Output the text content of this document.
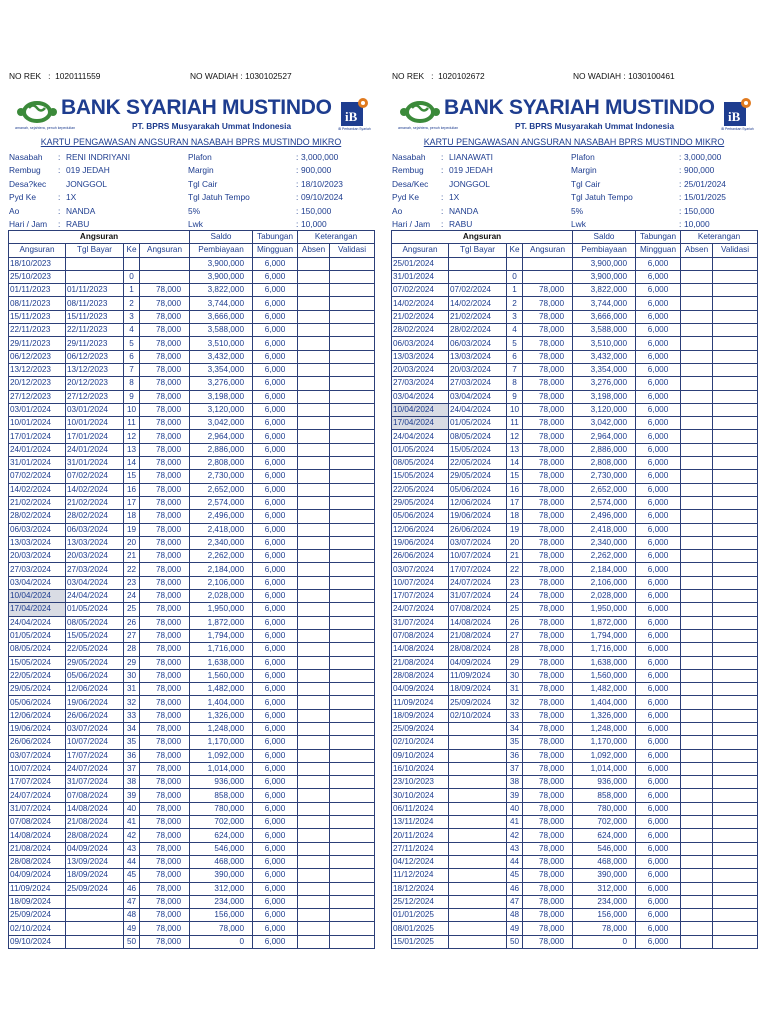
NO REK   :  1020111559	NO WADIAH : 1030102527
amanah, sejahtera, penuh kepedulian
BANK SYARIAH MUSTINDO
PT. BPRS Musyarakah Ummat Indonesia
iB
iB Perbankan Syariah
KARTU PENGAWASAN ANGSURAN NASABAH BPRS MUSTINDO MIKRO
Nasabah : RENI INDRIYANI	Plafon	: 3,000,000
Rembug : 019 JEDAH	Margin	: 900,000
Desa?kec JONGGOL	Tgl Cair	: 18/10/2023
Pyd Ke	: 1X	Tgl Jatuh Tempo	: 09/10/2024
Ao	: NANDA	5%	: 150,000
Hari / Jam : RABU	Lwk	: 10,000
Angsuran				Saldo	Tabungan	Keterangan	
Angsuran	Tgl Bayar	Ke	Angsuran	Pembiayaan	Mingguan	Absen	Validasi
18/10/2023				3,900,000	6,000		
25/10/2023		0		3,900,000	6,000		
01/11/2023	01/11/2023	1	78,000	3,822,000	6,000		
08/11/2023	08/11/2023	2	78,000	3,744,000	6,000		
15/11/2023	15/11/2023	3	78,000	3,666,000	6,000		
22/11/2023	22/11/2023	4	78,000	3,588,000	6,000		
29/11/2023	29/11/2023	5	78,000	3,510,000	6,000		
06/12/2023	06/12/2023	6	78,000	3,432,000	6,000		
13/12/2023	13/12/2023	7	78,000	3,354,000	6,000		
20/12/2023	20/12/2023	8	78,000	3,276,000	6,000		
27/12/2023	27/12/2023	9	78,000	3,198,000	6,000		
03/01/2024	03/01/2024	10	78,000	3,120,000	6,000		
10/01/2024	10/01/2024	11	78,000	3,042,000	6,000		
17/01/2024	17/01/2024	12	78,000	2,964,000	6,000		
24/01/2024	24/01/2024	13	78,000	2,886,000	6,000		
31/01/2024	31/01/2024	14	78,000	2,808,000	6,000		
07/02/2024	07/02/2024	15	78,000	2,730,000	6,000		
14/02/2024	14/02/2024	16	78,000	2,652,000	6,000		
21/02/2024	21/02/2024	17	78,000	2,574,000	6,000		
28/02/2024	28/02/2024	18	78,000	2,496,000	6,000		
06/03/2024	06/03/2024	19	78,000	2,418,000	6,000		
13/03/2024	13/03/2024	20	78,000	2,340,000	6,000		
20/03/2024	20/03/2024	21	78,000	2,262,000	6,000		
27/03/2024	27/03/2024	22	78,000	2,184,000	6,000		
03/04/2024	03/04/2024	23	78,000	2,106,000	6,000		
10/04/2024	24/04/2024	24	78,000	2,028,000	6,000		
17/04/2024	01/05/2024	25	78,000	1,950,000	6,000		
24/04/2024	08/05/2024	26	78,000	1,872,000	6,000		
01/05/2024	15/05/2024	27	78,000	1,794,000	6,000		
08/05/2024	22/05/2024	28	78,000	1,716,000	6,000		
15/05/2024	29/05/2024	29	78,000	1,638,000	6,000		
22/05/2024	05/06/2024	30	78,000	1,560,000	6,000		
29/05/2024	12/06/2024	31	78,000	1,482,000	6,000		
05/06/2024	19/06/2024	32	78,000	1,404,000	6,000		
12/06/2024	26/06/2024	33	78,000	1,326,000	6,000		
19/06/2024	03/07/2024	34	78,000	1,248,000	6,000		
26/06/2024	10/07/2024	35	78,000	1,170,000	6,000		
03/07/2024	17/07/2024	36	78,000	1,092,000	6,000		
10/07/2024	24/07/2024	37	78,000	1,014,000	6,000		
17/07/2024	31/07/2024	38	78,000	936,000	6,000		
24/07/2024	07/08/2024	39	78,000	858,000	6,000		
31/07/2024	14/08/2024	40	78,000	780,000	6,000		
07/08/2024	21/08/2024	41	78,000	702,000	6,000		
14/08/2024	28/08/2024	42	78,000	624,000	6,000		
21/08/2024	04/09/2024	43	78,000	546,000	6,000		
28/08/2024	13/09/2024	44	78,000	468,000	6,000		
04/09/2024	18/09/2024	45	78,000	390,000	6,000		
11/09/2024	25/09/2024	46	78,000	312,000	6,000		
18/09/2024		47	78,000	234,000	6,000		
25/09/2024		48	78,000	156,000	6,000		
02/10/2024		49	78,000	78,000	6,000		
09/10/2024		50	78,000	0	6,000		
NO REK   :  1020102672	NO WADIAH : 1030100461
amanah, sejahtera, penuh kepedulian
BANK SYARIAH MUSTINDO
PT. BPRS Musyarakah Ummat Indonesia
iB
iB Perbankan Syariah
KARTU PENGAWASAN ANGSURAN NASABAH BPRS MUSTINDO MIKRO
Nasabah : LIANAWATI	Plafon	: 3,000,000
Rembug : 019 JEDAH	Margin	: 900,000
Desa/Kec JONGGOL	Tgl Cair	: 25/01/2024
Pyd Ke	: 1X	Tgl Jatuh Tempo	: 15/01/2025
Ao	: NANDA	5%	: 150,000
Hari / Jam : RABU	Lwk	: 10,000
Angsuran				Saldo	Tabungan	Keterangan	
Angsuran	Tgl Bayar	Ke	Angsuran	Pembiayaan	Mingguan	Absen	Validasi
25/01/2024				3,900,000	6,000		
31/01/2024		0		3,900,000	6,000		
07/02/2024	07/02/2024	1	78,000	3,822,000	6,000		
14/02/2024	14/02/2024	2	78,000	3,744,000	6,000		
21/02/2024	21/02/2024	3	78,000	3,666,000	6,000		
28/02/2024	28/02/2024	4	78,000	3,588,000	6,000		
06/03/2024	06/03/2024	5	78,000	3,510,000	6,000		
13/03/2024	13/03/2024	6	78,000	3,432,000	6,000		
20/03/2024	20/03/2024	7	78,000	3,354,000	6,000		
27/03/2024	27/03/2024	8	78,000	3,276,000	6,000		
03/04/2024	03/04/2024	9	78,000	3,198,000	6,000		
10/04/2024	24/04/2024	10	78,000	3,120,000	6,000		
17/04/2024	01/05/2024	11	78,000	3,042,000	6,000		
24/04/2024	08/05/2024	12	78,000	2,964,000	6,000		
01/05/2024	15/05/2024	13	78,000	2,886,000	6,000		
08/05/2024	22/05/2024	14	78,000	2,808,000	6,000		
15/05/2024	29/05/2024	15	78,000	2,730,000	6,000		
22/05/2024	05/06/2024	16	78,000	2,652,000	6,000		
29/05/2024	12/06/2024	17	78,000	2,574,000	6,000		
05/06/2024	19/06/2024	18	78,000	2,496,000	6,000		
12/06/2024	26/06/2024	19	78,000	2,418,000	6,000		
19/06/2024	03/07/2024	20	78,000	2,340,000	6,000		
26/06/2024	10/07/2024	21	78,000	2,262,000	6,000		
03/07/2024	17/07/2024	22	78,000	2,184,000	6,000		
10/07/2024	24/07/2024	23	78,000	2,106,000	6,000		
17/07/2024	31/07/2024	24	78,000	2,028,000	6,000		
24/07/2024	07/08/2024	25	78,000	1,950,000	6,000		
31/07/2024	14/08/2024	26	78,000	1,872,000	6,000		
07/08/2024	21/08/2024	27	78,000	1,794,000	6,000		
14/08/2024	28/08/2024	28	78,000	1,716,000	6,000		
21/08/2024	04/09/2024	29	78,000	1,638,000	6,000		
28/08/2024	11/09/2024	30	78,000	1,560,000	6,000		
04/09/2024	18/09/2024	31	78,000	1,482,000	6,000		
11/09/2024	25/09/2024	32	78,000	1,404,000	6,000		
18/09/2024	02/10/2024	33	78,000	1,326,000	6,000		
25/09/2024		34	78,000	1,248,000	6,000		
02/10/2024		35	78,000	1,170,000	6,000		
09/10/2024		36	78,000	1,092,000	6,000		
16/10/2024		37	78,000	1,014,000	6,000		
23/10/2023		38	78,000	936,000	6,000		
30/10/2024		39	78,000	858,000	6,000		
06/11/2024		40	78,000	780,000	6,000		
13/11/2024		41	78,000	702,000	6,000		
20/11/2024		42	78,000	624,000	6,000		
27/11/2024		43	78,000	546,000	6,000		
04/12/2024		44	78,000	468,000	6,000		
11/12/2024		45	78,000	390,000	6,000		
18/12/2024		46	78,000	312,000	6,000		
25/12/2024		47	78,000	234,000	6,000		
01/01/2025		48	78,000	156,000	6,000		
08/01/2025		49	78,000	78,000	6,000		
15/01/2025		50	78,000	0	6,000		
